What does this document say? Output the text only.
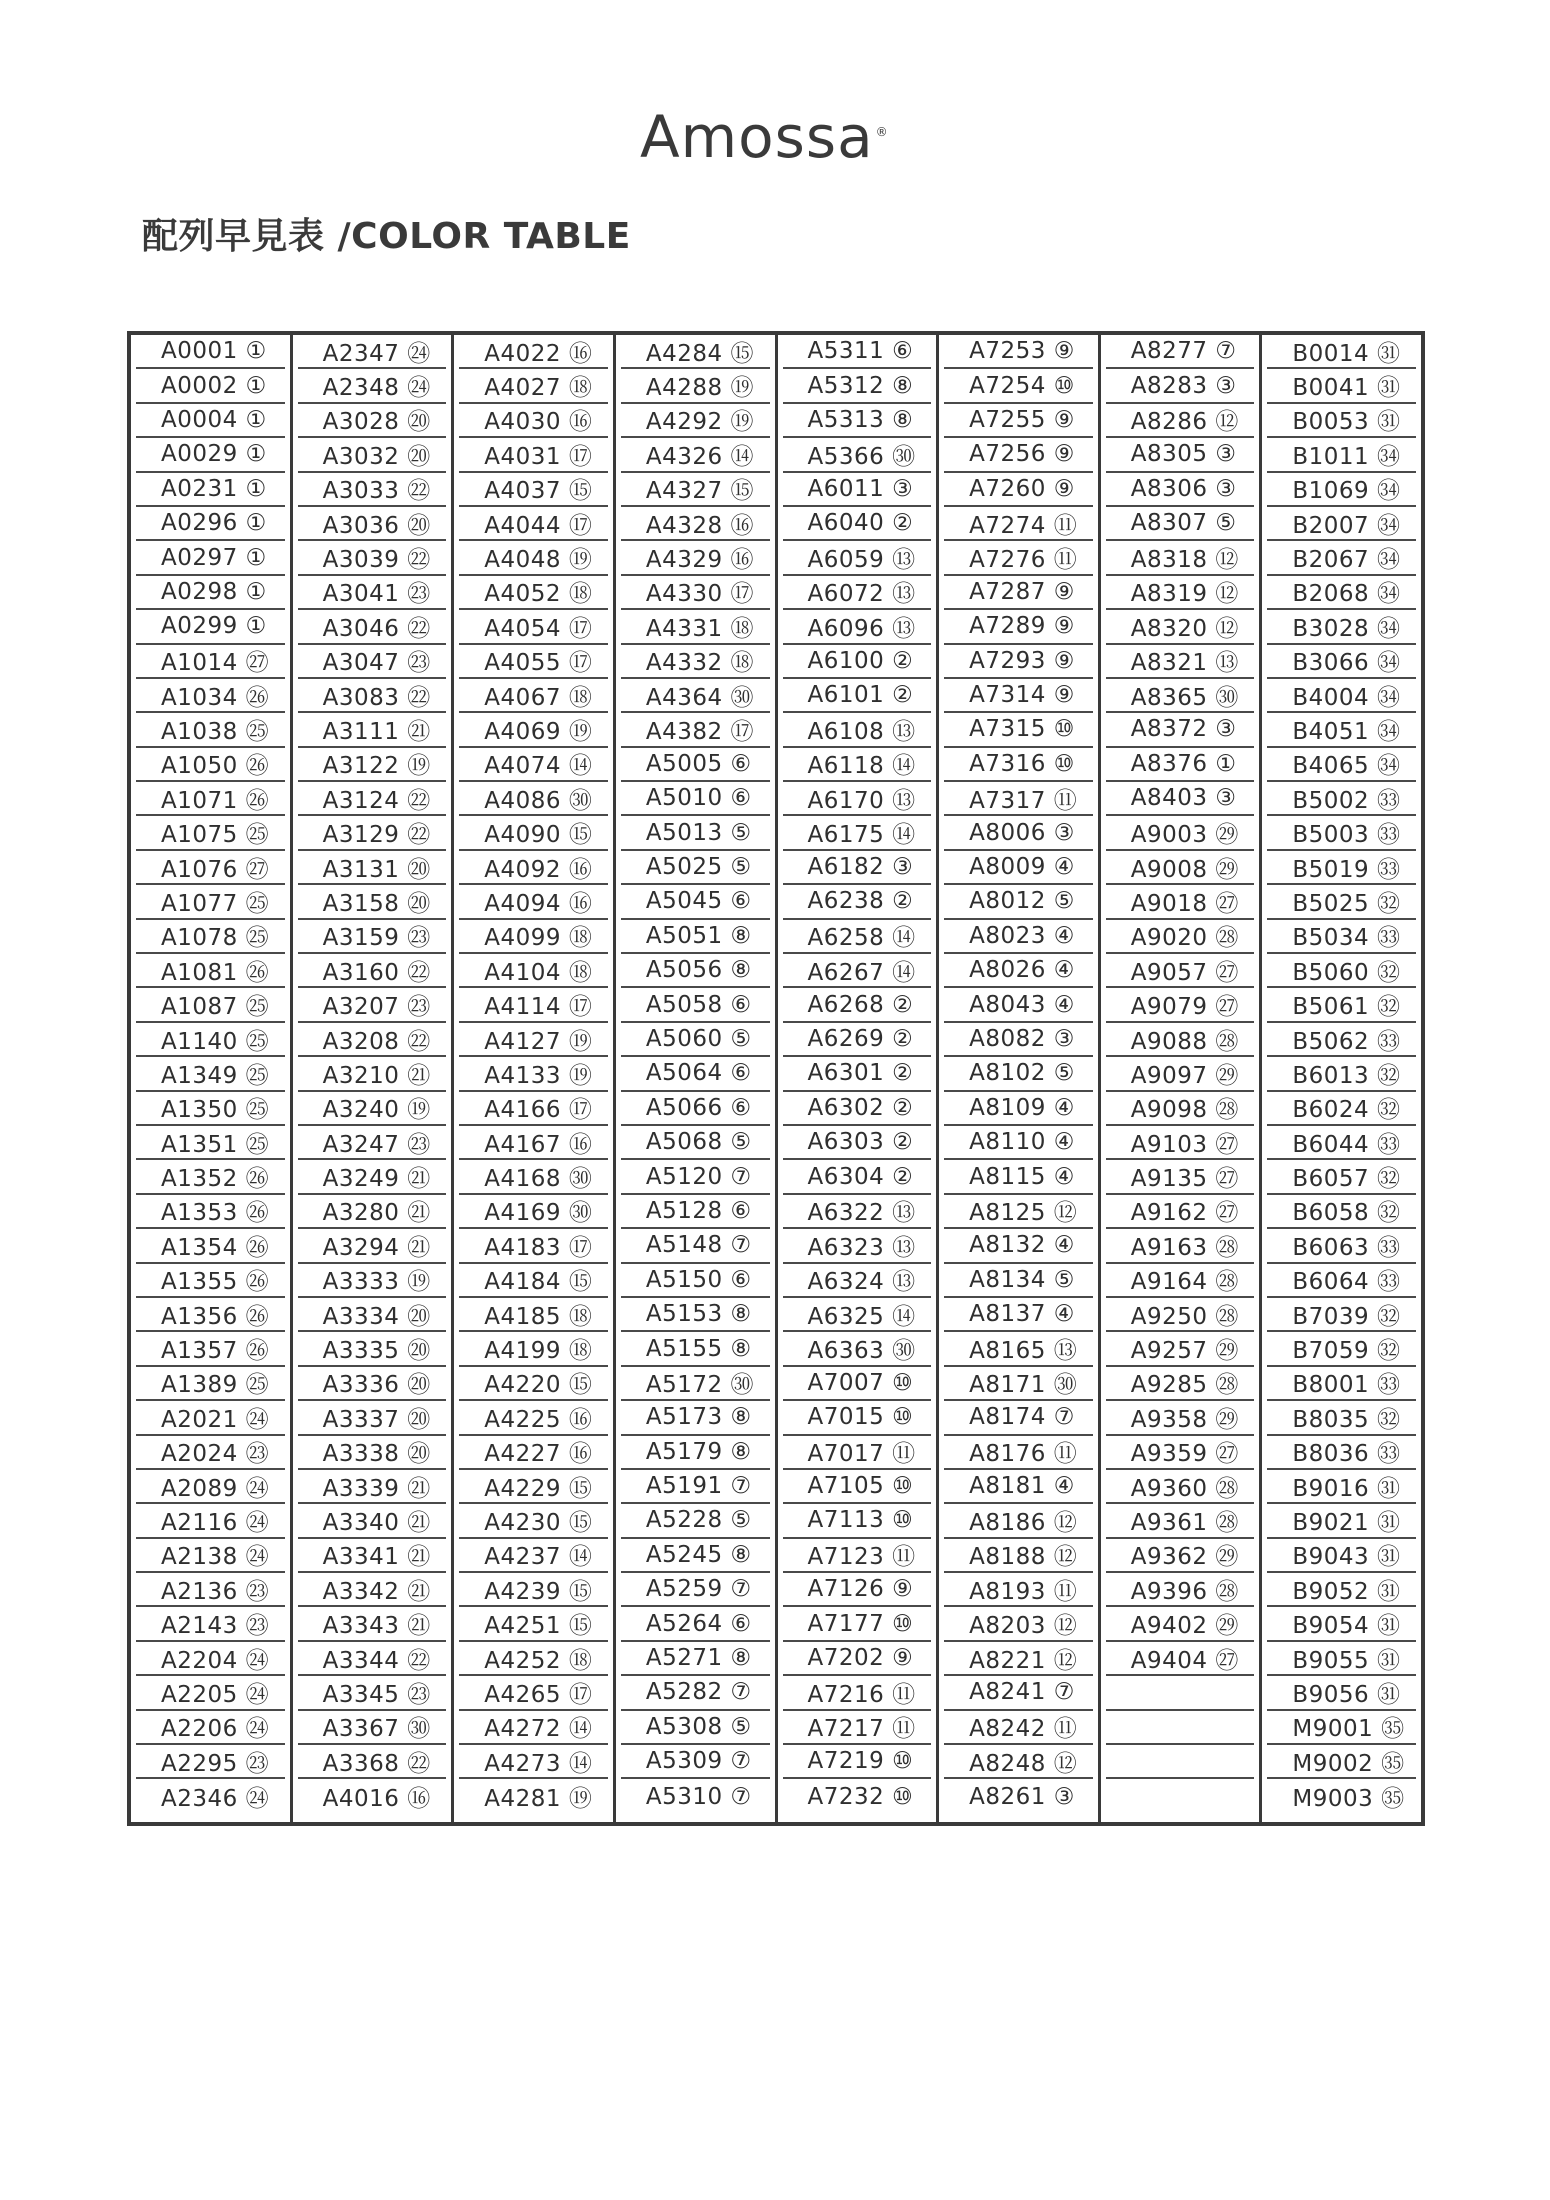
Amossa ®
配列早見表 /COLOR TABLE
A0001 ①
A0002 ①
A0004 ①
A0029 ①
A0231 ①
A0296 ①
A0297 ①
A0298 ①
A0299 ①
A1014 ㉗
A1034 ㉖
A1038 ㉕
A1050 ㉖
A1071 ㉖
A1075 ㉕
A1076 ㉗
A1077 ㉕
A1078 ㉕
A1081 ㉖
A1087 ㉕
A1140 ㉕
A1349 ㉕
A1350 ㉕
A1351 ㉕
A1352 ㉖
A1353 ㉖
A1354 ㉖
A1355 ㉖
A1356 ㉖
A1357 ㉖
A1389 ㉕
A2021 ㉔
A2024 ㉓
A2089 ㉔
A2116 ㉔
A2138 ㉔
A2136 ㉓
A2143 ㉓
A2204 ㉔
A2205 ㉔
A2206 ㉔
A2295 ㉓
A2346 ㉔
A2347 ㉔
A2348 ㉔
A3028 ⑳
A3032 ⑳
A3033 ㉒
A3036 ⑳
A3039 ㉒
A3041 ㉓
A3046 ㉒
A3047 ㉓
A3083 ㉒
A3111 ㉑
A3122 ⑲
A3124 ㉒
A3129 ㉒
A3131 ⑳
A3158 ⑳
A3159 ㉓
A3160 ㉒
A3207 ㉓
A3208 ㉒
A3210 ㉑
A3240 ⑲
A3247 ㉓
A3249 ㉑
A3280 ㉑
A3294 ㉑
A3333 ⑲
A3334 ⑳
A3335 ⑳
A3336 ⑳
A3337 ⑳
A3338 ⑳
A3339 ㉑
A3340 ㉑
A3341 ㉑
A3342 ㉑
A3343 ㉑
A3344 ㉒
A3345 ㉓
A3367 ㉚
A3368 ㉒
A4016 ⑯
A4022 ⑯
A4027 ⑱
A4030 ⑯
A4031 ⑰
A4037 ⑮
A4044 ⑰
A4048 ⑲
A4052 ⑱
A4054 ⑰
A4055 ⑰
A4067 ⑱
A4069 ⑲
A4074 ⑭
A4086 ㉚
A4090 ⑮
A4092 ⑯
A4094 ⑯
A4099 ⑱
A4104 ⑱
A4114 ⑰
A4127 ⑲
A4133 ⑲
A4166 ⑰
A4167 ⑯
A4168 ㉚
A4169 ㉚
A4183 ⑰
A4184 ⑮
A4185 ⑱
A4199 ⑱
A4220 ⑮
A4225 ⑯
A4227 ⑯
A4229 ⑮
A4230 ⑮
A4237 ⑭
A4239 ⑮
A4251 ⑮
A4252 ⑱
A4265 ⑰
A4272 ⑭
A4273 ⑭
A4281 ⑲
A4284 ⑮
A4288 ⑲
A4292 ⑲
A4326 ⑭
A4327 ⑮
A4328 ⑯
A4329 ⑯
A4330 ⑰
A4331 ⑱
A4332 ⑱
A4364 ㉚
A4382 ⑰
A5005 ⑥
A5010 ⑥
A5013 ⑤
A5025 ⑤
A5045 ⑥
A5051 ⑧
A5056 ⑧
A5058 ⑥
A5060 ⑤
A5064 ⑥
A5066 ⑥
A5068 ⑤
A5120 ⑦
A5128 ⑥
A5148 ⑦
A5150 ⑥
A5153 ⑧
A5155 ⑧
A5172 ㉚
A5173 ⑧
A5179 ⑧
A5191 ⑦
A5228 ⑤
A5245 ⑧
A5259 ⑦
A5264 ⑥
A5271 ⑧
A5282 ⑦
A5308 ⑤
A5309 ⑦
A5310 ⑦
A5311 ⑥
A5312 ⑧
A5313 ⑧
A5366 ㉚
A6011 ③
A6040 ②
A6059 ⑬
A6072 ⑬
A6096 ⑬
A6100 ②
A6101 ②
A6108 ⑬
A6118 ⑭
A6170 ⑬
A6175 ⑭
A6182 ③
A6238 ②
A6258 ⑭
A6267 ⑭
A6268 ②
A6269 ②
A6301 ②
A6302 ②
A6303 ②
A6304 ②
A6322 ⑬
A6323 ⑬
A6324 ⑬
A6325 ⑭
A6363 ㉚
A7007 ⑩
A7015 ⑩
A7017 ⑪
A7105 ⑩
A7113 ⑩
A7123 ⑪
A7126 ⑨
A7177 ⑩
A7202 ⑨
A7216 ⑪
A7217 ⑪
A7219 ⑩
A7232 ⑩
A7253 ⑨
A7254 ⑩
A7255 ⑨
A7256 ⑨
A7260 ⑨
A7274 ⑪
A7276 ⑪
A7287 ⑨
A7289 ⑨
A7293 ⑨
A7314 ⑨
A7315 ⑩
A7316 ⑩
A7317 ⑪
A8006 ③
A8009 ④
A8012 ⑤
A8023 ④
A8026 ④
A8043 ④
A8082 ③
A8102 ⑤
A8109 ④
A8110 ④
A8115 ④
A8125 ⑫
A8132 ④
A8134 ⑤
A8137 ④
A8165 ⑬
A8171 ㉚
A8174 ⑦
A8176 ⑪
A8181 ④
A8186 ⑫
A8188 ⑫
A8193 ⑪
A8203 ⑫
A8221 ⑫
A8241 ⑦
A8242 ⑪
A8248 ⑫
A8261 ③
A8277 ⑦
A8283 ③
A8286 ⑫
A8305 ③
A8306 ③
A8307 ⑤
A8318 ⑫
A8319 ⑫
A8320 ⑫
A8321 ⑬
A8365 ㉚
A8372 ③
A8376 ①
A8403 ③
A9003 ㉙
A9008 ㉙
A9018 ㉗
A9020 ㉘
A9057 ㉗
A9079 ㉗
A9088 ㉘
A9097 ㉙
A9098 ㉘
A9103 ㉗
A9135 ㉗
A9162 ㉗
A9163 ㉘
A9164 ㉘
A9250 ㉘
A9257 ㉙
A9285 ㉘
A9358 ㉙
A9359 ㉗
A9360 ㉘
A9361 ㉘
A9362 ㉙
A9396 ㉘
A9402 ㉙
A9404 ㉗
B0014 ㉛
B0041 ㉛
B0053 ㉛
B1011 ㉞
B1069 ㉞
B2007 ㉞
B2067 ㉞
B2068 ㉞
B3028 ㉞
B3066 ㉞
B4004 ㉞
B4051 ㉞
B4065 ㉞
B5002 ㉝
B5003 ㉝
B5019 ㉝
B5025 ㉜
B5034 ㉝
B5060 ㉜
B5061 ㉜
B5062 ㉝
B6013 ㉜
B6024 ㉜
B6044 ㉝
B6057 ㉜
B6058 ㉜
B6063 ㉝
B6064 ㉝
B7039 ㉜
B7059 ㉜
B8001 ㉝
B8035 ㉜
B8036 ㉝
B9016 ㉛
B9021 ㉛
B9043 ㉛
B9052 ㉛
B9054 ㉛
B9055 ㉛
B9056 ㉛
M9001 ㉟
M9002 ㉟
M9003 ㉟
